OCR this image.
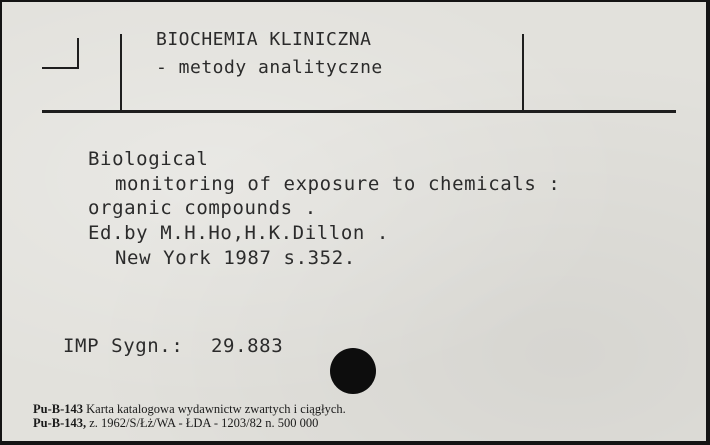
BIOCHEMIA KLINICZNA
- metody analityczne
Biological
monitoring of exposure to chemicals :
organic compounds .
Ed.by M.H.Ho,H.K.Dillon .
New York 1987 s.352.
IMP Sygn.: 29.883
Pu-B-143 Karta katalogowa wydawnictw zwartych i ciągłych.
Pu-B-143, z. 1962/S/Łż/WA - ŁDA - 1203/82 n. 500 000
